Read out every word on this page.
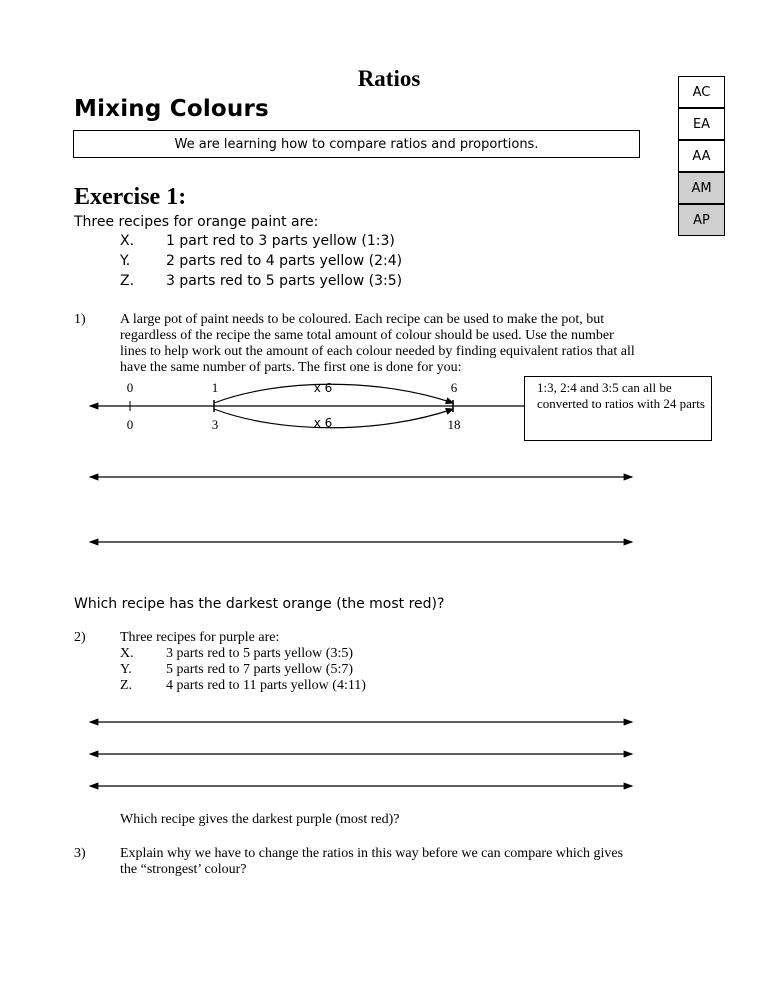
Ratios
Mixing Colours
We are learning how to compare ratios and proportions.
AC
EA
AA
AM
AP
Exercise 1:
Three recipes for orange paint are:
X. 1 part red to 3 parts yellow (1:3)
Y.	2 parts red to 4 parts yellow (2:4)
Z. 3 parts red to 5 parts yellow (3:5)
1) A large pot of paint needs to be coloured. Each recipe can be used to make the pot, but
regardless of the recipe the same total amount of colour should be used. Use the number
lines to help work out the amount of each colour needed by finding equivalent ratios that all
have the same number of parts. The first one is done for you:
0	1	6
x 6
0	3	18
x 6
1:3, 2:4 and 3:5 can all be converted to ratios with 24 parts
Which recipe has the darkest orange (the most red)?
2) Three recipes for purple are:
X. 3 parts red to 5 parts yellow (3:5)
Y. 5 parts red to 7 parts yellow (5:7)
Z. 4 parts red to 11 parts yellow (4:11)
Which recipe gives the darkest purple (most red)?
3) Explain why we have to change the ratios in this way before we can compare which gives
the “strongest’ colour?
